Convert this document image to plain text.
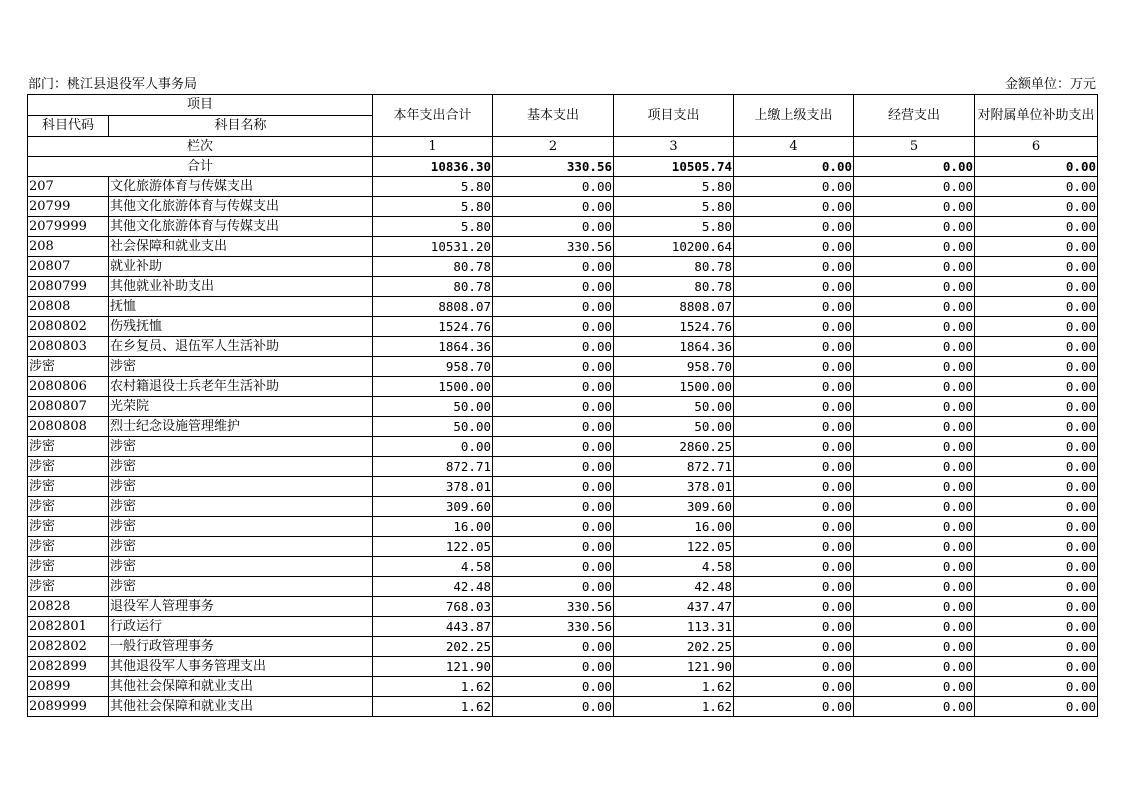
部门：桃江县退役军人事务局	金额单位：万元
项目		本年支出合计	基本支出	项目支出	上缴上级支出	经营支出	对附属单位补助支出
科目代码	科目名称						
栏次		1	2	3	4	5	6
合计		10836.30	330.56	10505.74	0.00	0.00	0.00
207	文化旅游体育与传媒支出	5.80	0.00	5.80	0.00	0.00	0.00
20799	其他文化旅游体育与传媒支出	5.80	0.00	5.80	0.00	0.00	0.00
2079999	其他文化旅游体育与传媒支出	5.80	0.00	5.80	0.00	0.00	0.00
208	社会保障和就业支出	10531.20	330.56	10200.64	0.00	0.00	0.00
20807	就业补助	80.78	0.00	80.78	0.00	0.00	0.00
2080799	其他就业补助支出	80.78	0.00	80.78	0.00	0.00	0.00
20808	抚恤	8808.07	0.00	8808.07	0.00	0.00	0.00
2080802	伤残抚恤	1524.76	0.00	1524.76	0.00	0.00	0.00
2080803	在乡复员、退伍军人生活补助	1864.36	0.00	1864.36	0.00	0.00	0.00
涉密	涉密	958.70	0.00	958.70	0.00	0.00	0.00
2080806	农村籍退役士兵老年生活补助	1500.00	0.00	1500.00	0.00	0.00	0.00
2080807	光荣院	50.00	0.00	50.00	0.00	0.00	0.00
2080808	烈士纪念设施管理维护	50.00	0.00	50.00	0.00	0.00	0.00
涉密	涉密	0.00	0.00	2860.25	0.00	0.00	0.00
涉密	涉密	872.71	0.00	872.71	0.00	0.00	0.00
涉密	涉密	378.01	0.00	378.01	0.00	0.00	0.00
涉密	涉密	309.60	0.00	309.60	0.00	0.00	0.00
涉密	涉密	16.00	0.00	16.00	0.00	0.00	0.00
涉密	涉密	122.05	0.00	122.05	0.00	0.00	0.00
涉密	涉密	4.58	0.00	4.58	0.00	0.00	0.00
涉密	涉密	42.48	0.00	42.48	0.00	0.00	0.00
20828	退役军人管理事务	768.03	330.56	437.47	0.00	0.00	0.00
2082801	行政运行	443.87	330.56	113.31	0.00	0.00	0.00
2082802	一般行政管理事务	202.25	0.00	202.25	0.00	0.00	0.00
2082899	其他退役军人事务管理支出	121.90	0.00	121.90	0.00	0.00	0.00
20899	其他社会保障和就业支出	1.62	0.00	1.62	0.00	0.00	0.00
2089999	其他社会保障和就业支出	1.62	0.00	1.62	0.00	0.00	0.00
